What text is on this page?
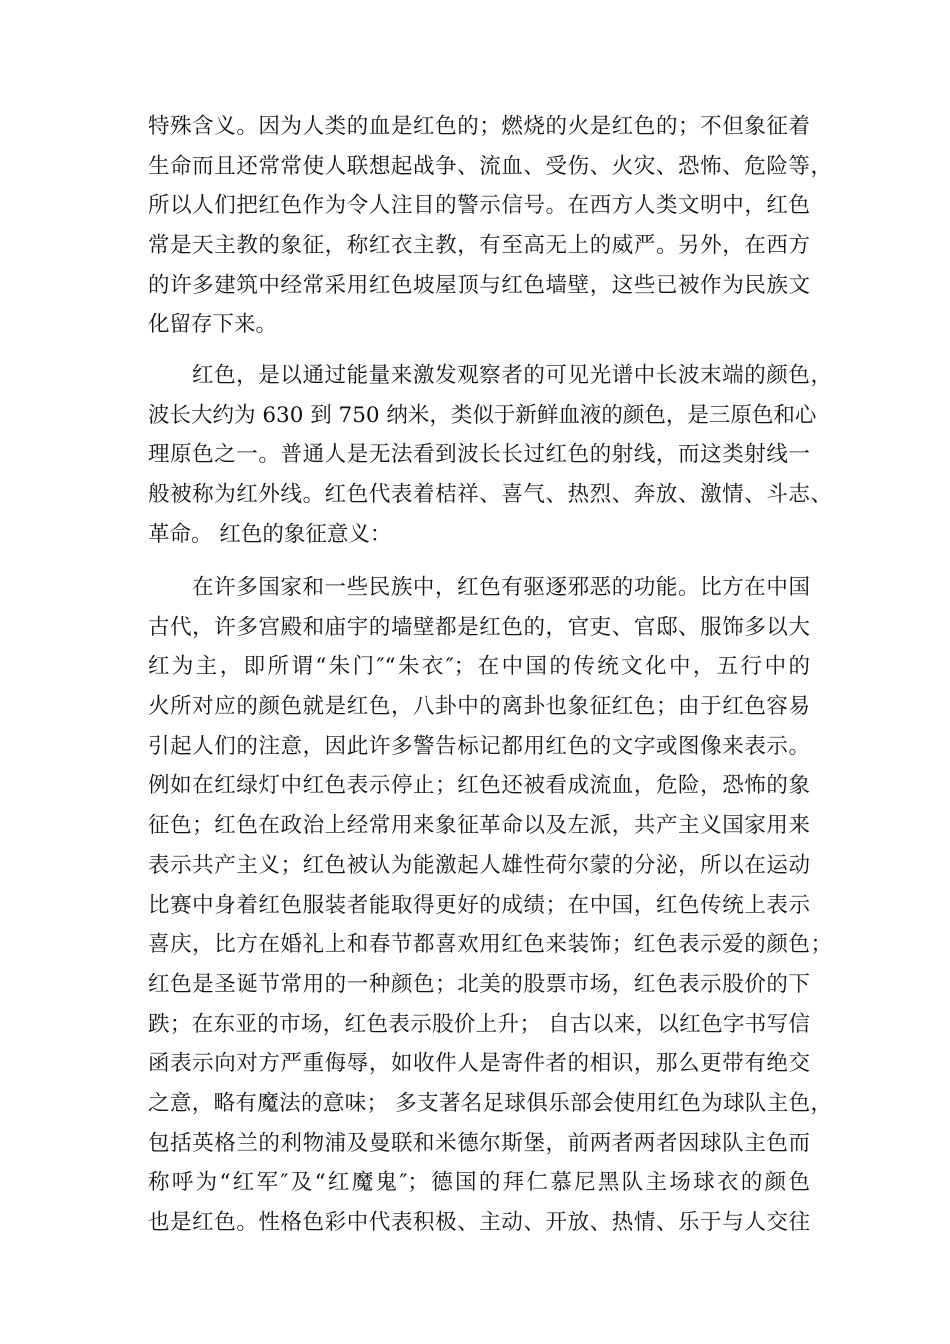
特殊含义。因为人类的血是红色的；燃烧的火是红色的；不但象征着
生命而且还常常使人联想起战争、流血、受伤、火灾、恐怖、危险等，
所以人们把红色作为令人注目的警示信号。在西方人类文明中，红色
常是天主教的象征，称红衣主教，有至高无上的威严。另外，在西方
的许多建筑中经常采用红色坡屋顶与红色墙壁，这些已被作为民族文
化留存下来。
红色，是以通过能量来激发观察者的可见光谱中长波末端的颜色，
波长大约为 630 到 750 纳米，类似于新鲜血液的颜色，是三原色和心
理原色之一。普通人是无法看到波长长过红色的射线，而这类射线一
般被称为红外线。红色代表着桔祥、喜气、热烈、奔放、激情、斗志、
革命。 红色的象征意义：
在许多国家和一些民族中，红色有驱逐邪恶的功能。比方在中国
古代，许多宫殿和庙宇的墙壁都是红色的，官吏、官邸、服饰多以大
红为主，即所谓“朱门″“朱衣″；在中国的传统文化中，五行中的
火所对应的颜色就是红色，八卦中的离卦也象征红色；由于红色容易
引起人们的注意，因此许多警告标记都用红色的文字或图像来表示。
例如在红绿灯中红色表示停止；红色还被看成流血，危险，恐怖的象
征色；红色在政治上经常用来象征革命以及左派，共产主义国家用来
表示共产主义；红色被认为能激起人雄性荷尔蒙的分泌，所以在运动
比赛中身着红色服装者能取得更好的成绩；在中国，红色传统上表示
喜庆，比方在婚礼上和春节都喜欢用红色来装饰；红色表示爱的颜色；
红色是圣诞节常用的一种颜色；北美的股票市场，红色表示股价的下
跌；在东亚的市场，红色表示股价上升； 自古以来，以红色字书写信
函表示向对方严重侮辱，如收件人是寄件者的相识，那么更带有绝交
之意，略有魔法的意味； 多支著名足球俱乐部会使用红色为球队主色，
包括英格兰的利物浦及曼联和米德尔斯堡，前两者两者因球队主色而
称呼为“红军″及“红魔鬼″；德国的拜仁慕尼黑队主场球衣的颜色
也是红色。性格色彩中代表积极、主动、开放、热情、乐于与人交往
